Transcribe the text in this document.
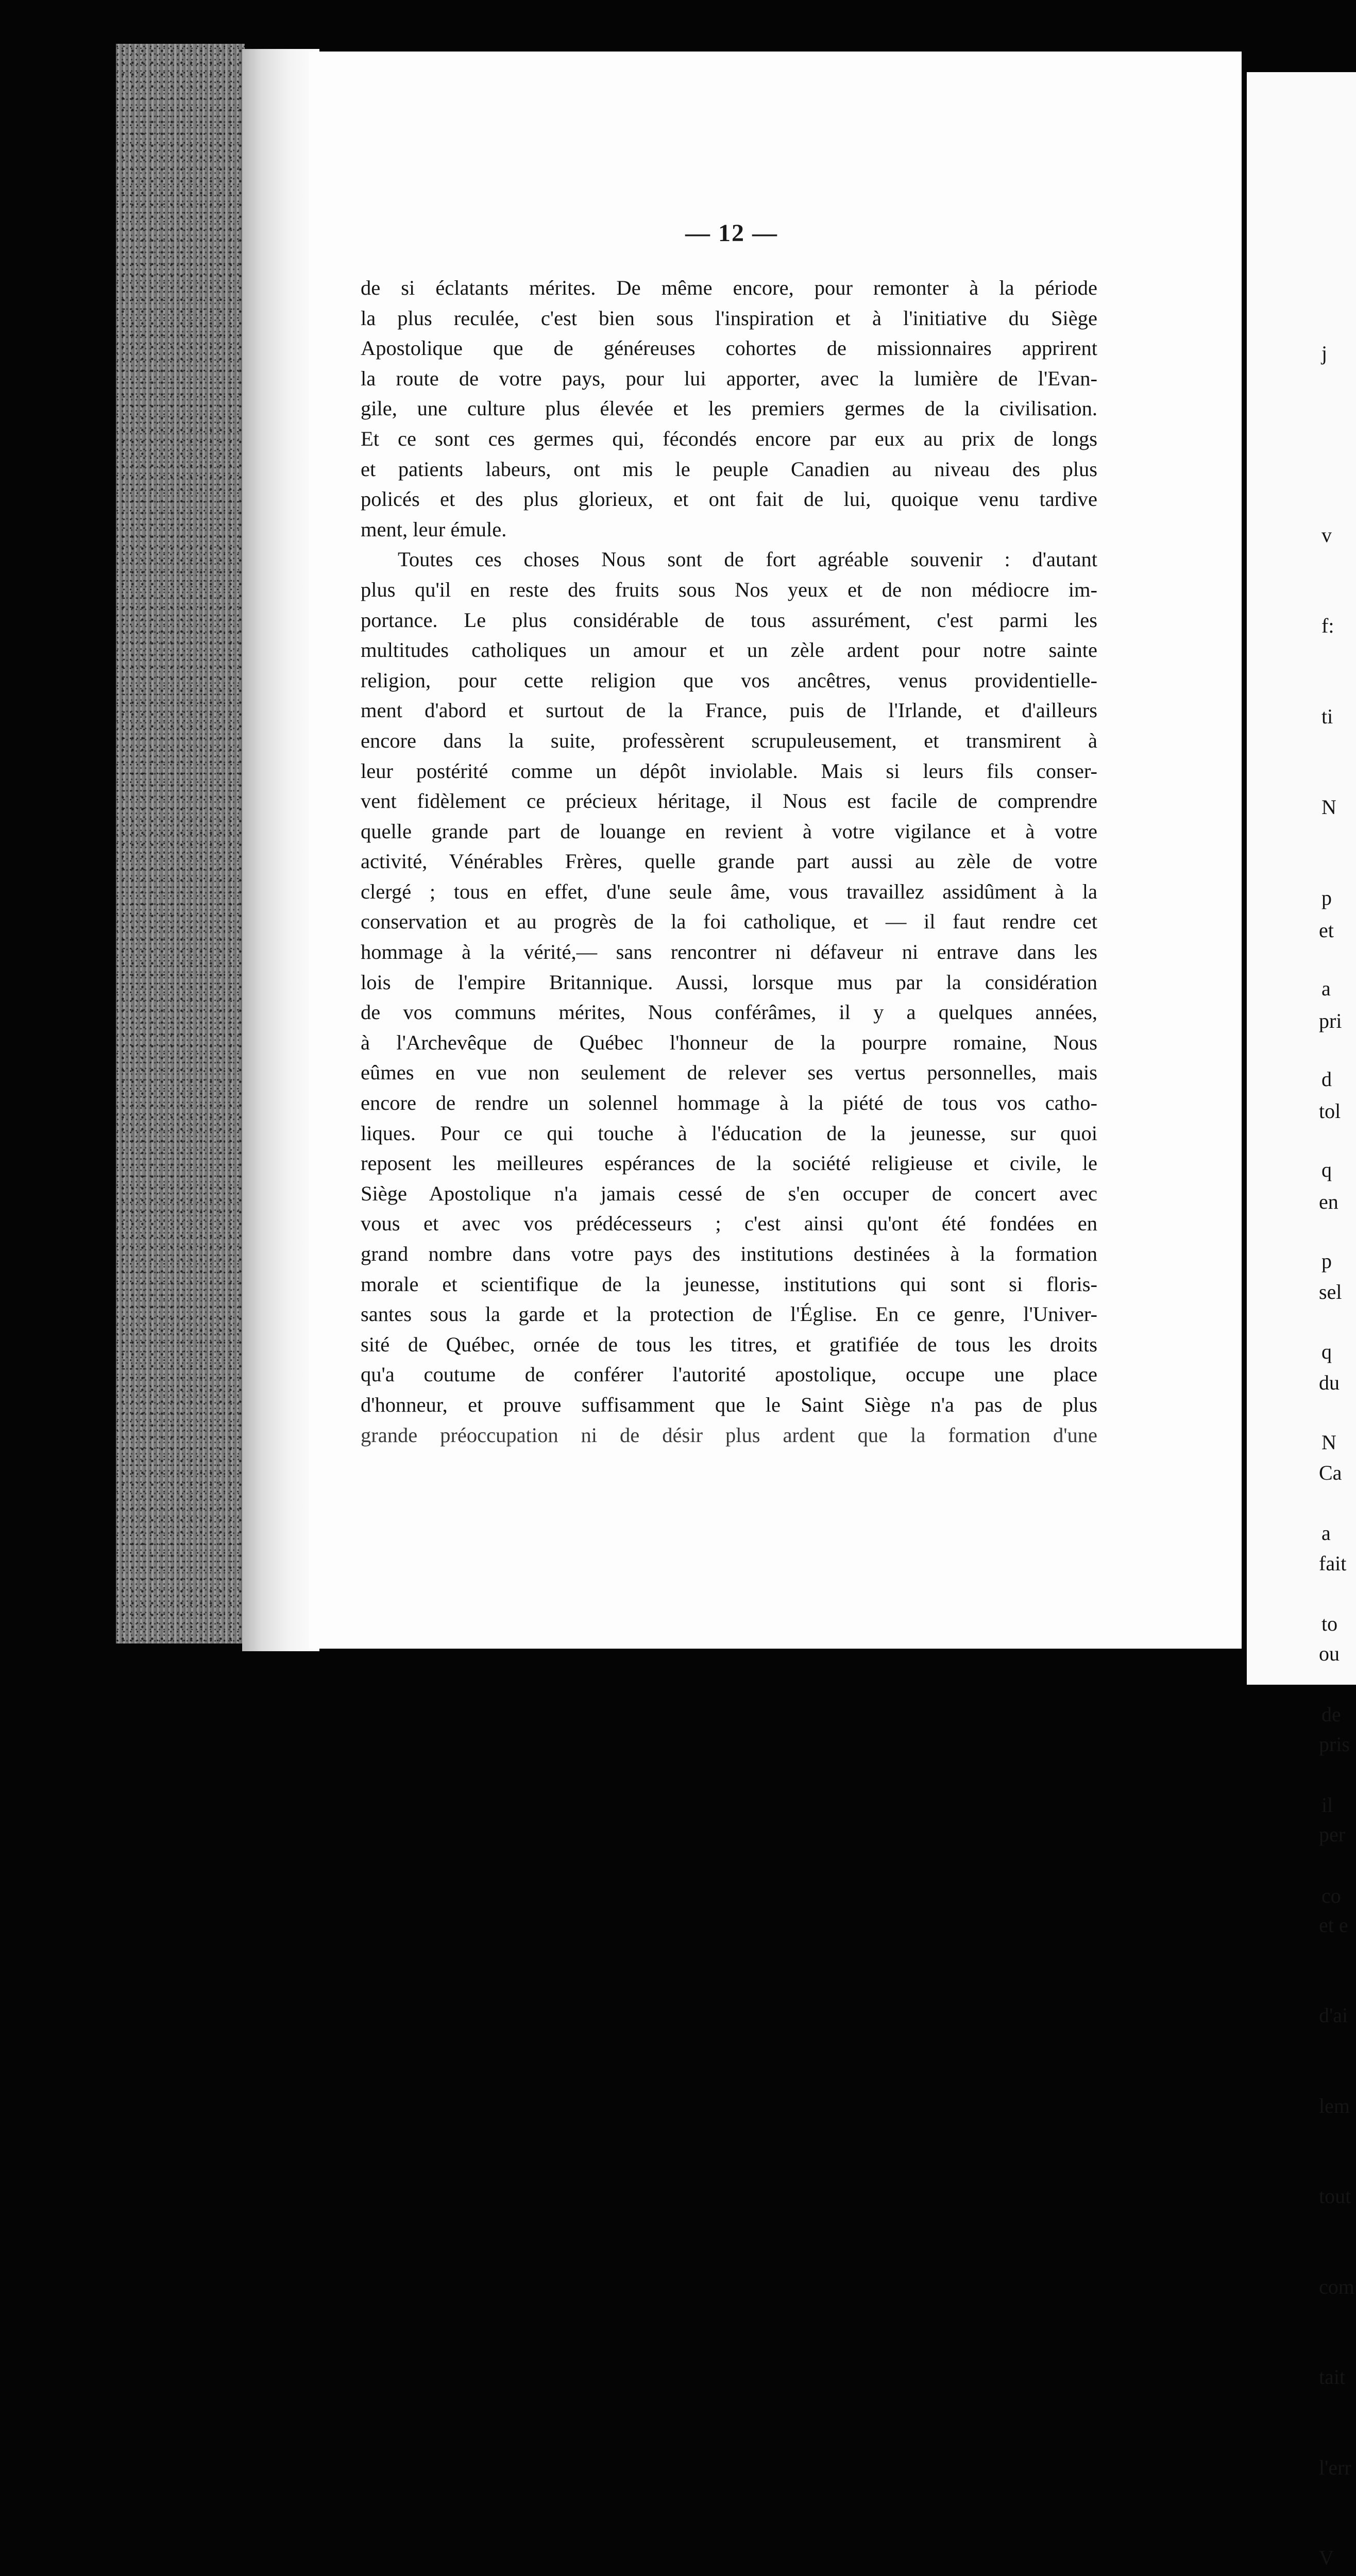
— 12 —
de si éclatants mérites. De même encore, pour remonter à la période
la plus reculée, c'est bien sous l'inspiration et à l'initiative du Siège
Apostolique que de généreuses cohortes de missionnaires apprirent
la route de votre pays, pour lui apporter, avec la lumière de l'Evan-
gile, une culture plus élevée et les premiers germes de la civilisation.
Et ce sont ces germes qui, fécondés encore par eux au prix de longs
et patients labeurs, ont mis le peuple Canadien au niveau des plus
policés et des plus glorieux, et ont fait de lui, quoique venu tardive
ment, leur émule.
Toutes ces choses Nous sont de fort agréable souvenir : d'autant
plus qu'il en reste des fruits sous Nos yeux et de non médiocre im-
portance. Le plus considérable de tous assurément, c'est parmi les
multitudes catholiques un amour et un zèle ardent pour notre sainte
religion, pour cette religion que vos ancêtres, venus providentielle-
ment d'abord et surtout de la France, puis de l'Irlande, et d'ailleurs
encore dans la suite, professèrent scrupuleusement, et transmirent à
leur postérité comme un dépôt inviolable. Mais si leurs fils conser-
vent fidèlement ce précieux héritage, il Nous est facile de comprendre
quelle grande part de louange en revient à votre vigilance et à votre
activité, Vénérables Frères, quelle grande part aussi au zèle de votre
clergé ; tous en effet, d'une seule âme, vous travaillez assidûment à la
conservation et au progrès de la foi catholique, et — il faut rendre cet
hommage à la vérité,— sans rencontrer ni défaveur ni entrave dans les
lois de l'empire Britannique. Aussi, lorsque mus par la considération
de vos communs mérites, Nous conférâmes, il y a quelques années,
à l'Archevêque de Québec l'honneur de la pourpre romaine, Nous
eûmes en vue non seulement de relever ses vertus personnelles, mais
encore de rendre un solennel hommage à la piété de tous vos catho-
liques. Pour ce qui touche à l'éducation de la jeunesse, sur quoi
reposent les meilleures espérances de la société religieuse et civile, le
Siège Apostolique n'a jamais cessé de s'en occuper de concert avec
vous et avec vos prédécesseurs ; c'est ainsi qu'ont été fondées en
grand nombre dans votre pays des institutions destinées à la formation
morale et scientifique de la jeunesse, institutions qui sont si floris-
santes sous la garde et la protection de l'Église. En ce genre, l'Univer-
sité de Québec, ornée de tous les titres, et gratifiée de tous les droits
qu'a coutume de conférer l'autorité apostolique, occupe une place
d'honneur, et prouve suffisamment que le Saint Siège n'a pas de plus
grande préoccupation ni de désir plus ardent que la formation d'une

j

v

f:

ti

N

p

a

d

q

p

q

N

a

to

de

il

co

et

pri

tol

en

sel

du

Ca

fait

ou

pris

per

et e

d'ai

lem

tout

com

tait

l'err

V
